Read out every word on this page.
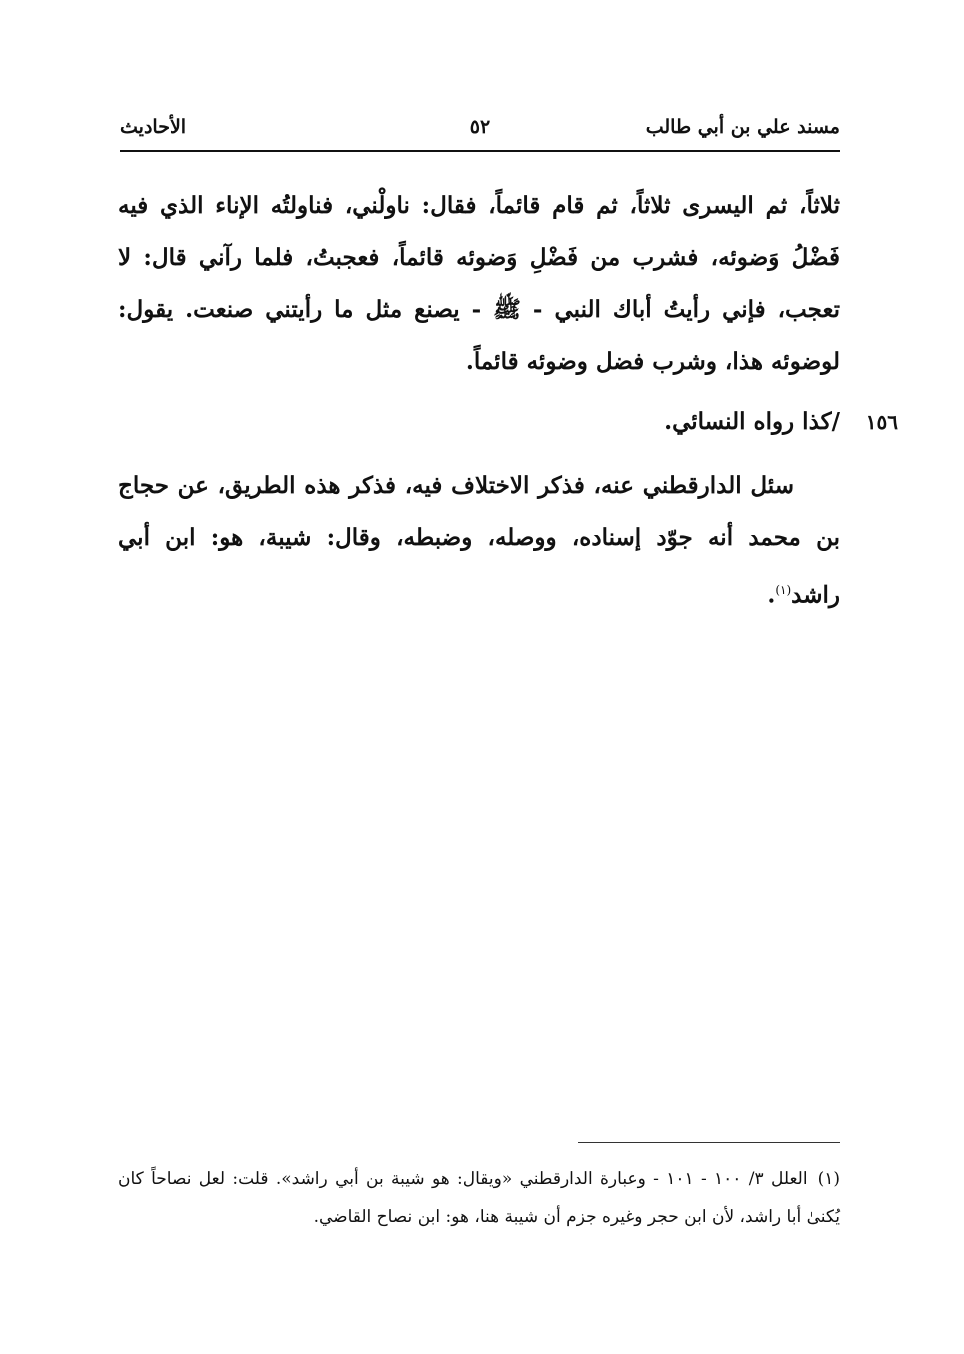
مسند علي بن أبي طالب
٥٢
الأحاديث
ثلاثاً، ثم اليسرى ثلاثاً، ثم قام قائماً، فقال: ناولْني، فناولتُه الإناء الذي فيه فَضْلُ وَضوئه، فشرب من فَضْلِ وَضوئه قائماً، فعجبتُ، فلما رآني قال: لا تعجب، فإني رأيتُ أباك النبي - ﷺ - يصنع مثل ما رأيتني صنعت. يقول: لوضوئه هذا، وشرب فضل وضوئه قائماً.
١٥٦
/كذا رواه النسائي.
سئل الدارقطني عنه، فذكر الاختلاف فيه، فذكر هذه الطريق، عن حجاج بن محمد أنه جوّد إسناده، ووصله، وضبطه، وقال: شيبة، هو: ابن أبي راشد$^{(١)}$.
(١)العلل ٣/ ١٠٠ - ١٠١ - وعبارة الدارقطني «ويقال: هو شيبة بن أبي راشد». قلت: لعل نصاحاً كان يُكنىٰ أبا راشد، لأن ابن حجر وغيره جزم أن شيبة هنا، هو: ابن نصاح القاضي.
